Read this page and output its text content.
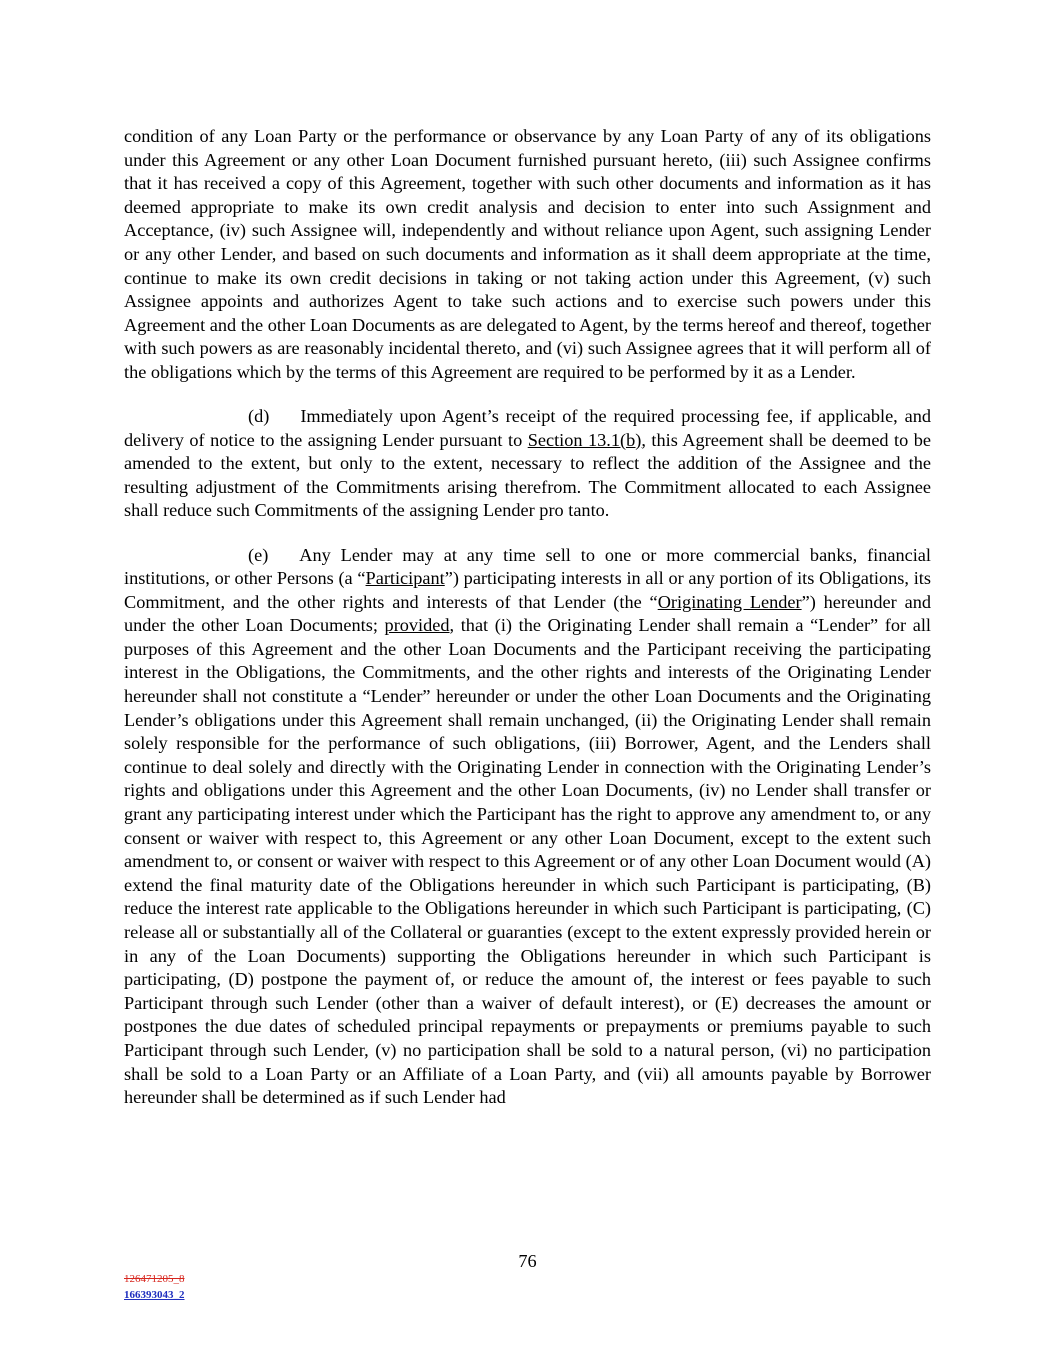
condition of any Loan Party or the performance or observance by any Loan Party of any of its obligations under this Agreement or any other Loan Document furnished pursuant hereto, (iii) such Assignee confirms that it has received a copy of this Agreement, together with such other documents and information as it has deemed appropriate to make its own credit analysis and decision to enter into such Assignment and Acceptance, (iv) such Assignee will, independently and without reliance upon Agent, such assigning Lender or any other Lender, and based on such documents and information as it shall deem appropriate at the time, continue to make its own credit decisions in taking or not taking action under this Agreement, (v) such Assignee appoints and authorizes Agent to take such actions and to exercise such powers under this Agreement and the other Loan Documents as are delegated to Agent, by the terms hereof and thereof, together with such powers as are reasonably incidental thereto, and (vi) such Assignee agrees that it will perform all of the obligations which by the terms of this Agreement are required to be performed by it as a Lender.

(d) Immediately upon Agent’s receipt of the required processing fee, if applicable, and delivery of notice to the assigning Lender pursuant to Section 13.1(b), this Agreement shall be deemed to be amended to the extent, but only to the extent, necessary to reflect the addition of the Assignee and the resulting adjustment of the Commitments arising therefrom. The Commitment allocated to each Assignee shall reduce such Commitments of the assigning Lender pro tanto.

(e) Any Lender may at any time sell to one or more commercial banks, financial institutions, or other Persons (a “Participant”) participating interests in all or any portion of its Obligations, its Commitment, and the other rights and interests of that Lender (the “Originating Lender”) hereunder and under the other Loan Documents; provided, that (i) the Originating Lender shall remain a “Lender” for all purposes of this Agreement and the other Loan Documents and the Participant receiving the participating interest in the Obligations, the Commitments, and the other rights and interests of the Originating Lender hereunder shall not constitute a “Lender” hereunder or under the other Loan Documents and the Originating Lender’s obligations under this Agreement shall remain unchanged, (ii) the Originating Lender shall remain solely responsible for the performance of such obligations, (iii) Borrower, Agent, and the Lenders shall continue to deal solely and directly with the Originating Lender in connection with the Originating Lender’s rights and obligations under this Agreement and the other Loan Documents, (iv) no Lender shall transfer or grant any participating interest under which the Participant has the right to approve any amendment to, or any consent or waiver with respect to, this Agreement or any other Loan Document, except to the extent such amendment to, or consent or waiver with respect to this Agreement or of any other Loan Document would (A) extend the final maturity date of the Obligations hereunder in which such Participant is participating, (B) reduce the interest rate applicable to the Obligations hereunder in which such Participant is participating, (C) release all or substantially all of the Collateral or guaranties (except to the extent expressly provided herein or in any of the Loan Documents) supporting the Obligations hereunder in which such Participant is participating, (D) postpone the payment of, or reduce the amount of, the interest or fees payable to such Participant through such Lender (other than a waiver of default interest), or (E) decreases the amount or postpones the due dates of scheduled principal repayments or prepayments or premiums payable to such Participant through such Lender, (v) no participation shall be sold to a natural person, (vi) no participation shall be sold to a Loan Party or an Affiliate of a Loan Party, and (vii) all amounts payable by Borrower hereunder shall be determined as if such Lender had

76
126471205_8
166393043_2
